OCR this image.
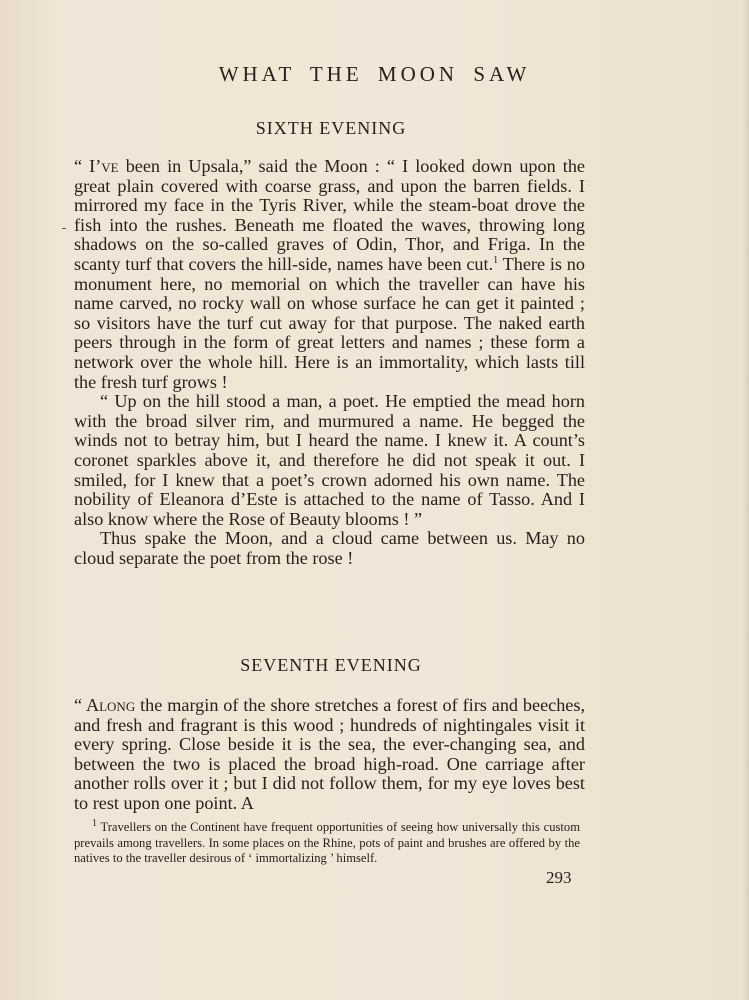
WHAT THE MOON SAW
SIXTH EVENING

“ I’ve been in Upsala,” said the Moon : “ I looked down upon the great plain covered with coarse grass, and upon the barren fields. I mirrored my face in the Tyris River, while the steam-boat drove the fish into the rushes. Beneath me floated the waves, throwing long shadows on the so-called graves of Odin, Thor, and Friga. In the scanty turf that covers the hill-side, names have been cut.$^1$ There is no monument here, no memorial on which the traveller can have his name carved, no rocky wall on whose surface he can get it painted ; so visitors have the turf cut away for that purpose. The naked earth peers through in the form of great letters and names ; these form a network over the whole hill. Here is an immortality, which lasts till the fresh turf grows !

“ Up on the hill stood a man, a poet. He emptied the mead horn with the broad silver rim, and murmured a name. He begged the winds not to betray him, but I heard the name. I knew it. A count’s coronet sparkles above it, and therefore he did not speak it out. I smiled, for I knew that a poet’s crown adorned his own name. The nobility of Eleanora d’Este is attached to the name of Tasso. And I also know where the Rose of Beauty blooms ! ”

Thus spake the Moon, and a cloud came between us. May no cloud separate the poet from the rose !

SEVENTH EVENING

“ Along the margin of the shore stretches a forest of firs and beeches, and fresh and fragrant is this wood ; hundreds of nightingales visit it every spring. Close beside it is the sea, the ever-changing sea, and between the two is placed the broad high-road. One carriage after another rolls over it ; but I did not follow them, for my eye loves best to rest upon one point. A

$^1$ Travellers on the Continent have frequent opportunities of seeing how universally this custom prevails among travellers. In some places on the Rhine, pots of paint and brushes are offered by the natives to the traveller desirous of ‘ immortalizing ’ himself.

293
